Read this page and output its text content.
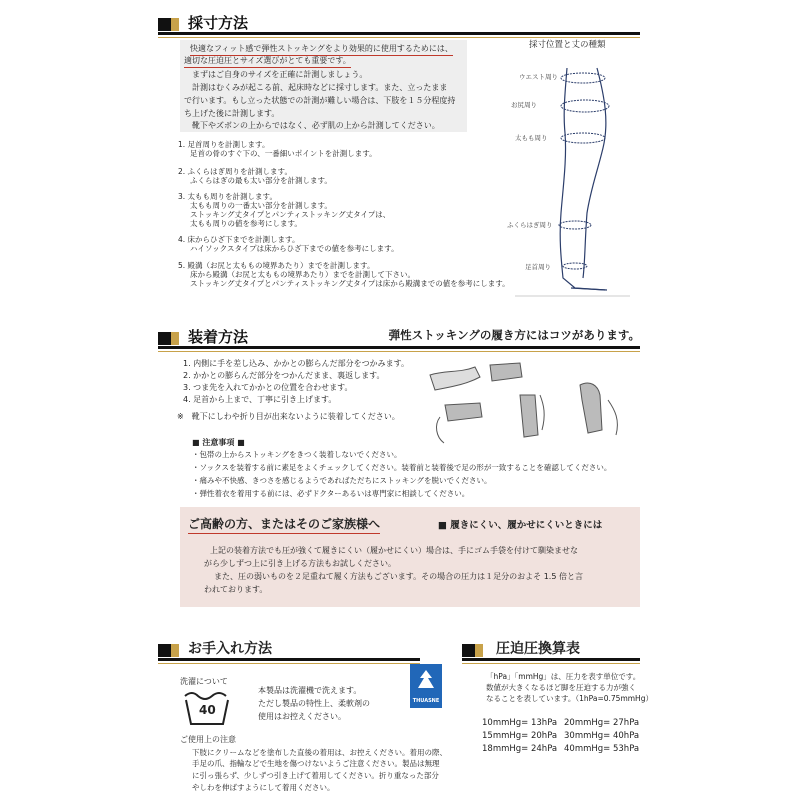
採寸方法
快適なフィット感で弾性ストッキングをより効果的に使用するためには、
適切な圧迫圧とサイズ選びがとても重要です。
まずはご自身のサイズを正確に計測しましょう。
計測はむくみが起こる前、起床時などに採寸します。また、立ったまま
で行います。もし立った状態での計測が難しい場合は、下肢を１５分程度持
ち上げた後に計測します。
靴下やズボンの上からではなく、必ず肌の上から計測してください。
1. 足首周りを計測します。
足首の骨のすぐ下の、一番細いポイントを計測します。
2. ふくらはぎ周りを計測します。
ふくらはぎの最も太い部分を計測します。
3. 太もも周りを計測します。
太もも周りの一番太い部分を計測します。
ストッキング丈タイプとパンティストッキング丈タイプは、
太もも周りの値を参考にします。
4. 床からひざ下までを計測します。
ハイソックスタイプは床からひざ下までの値を参考にします。
5. 殿溝（お尻と太ももの境界あたり）までを計測します。
床から殿溝（お尻と太ももの境界あたり）までを計測して下さい。
ストッキング丈タイプとパンティストッキング丈タイプは床から殿溝までの値を参考にします。
採寸位置と丈の種類
ウエスト周り
お尻周り
太もも周り
ふくらはぎ周り
足首周り
装着方法	弾性ストッキングの履き方にはコツがあります。
1. 内側に手を差し込み、かかとの膨らんだ部分をつかみます。
2. かかとの膨らんだ部分をつかんだまま、裏返します。
3. つま先を入れてかかとの位置を合わせます。
4. 足首から上まで、丁寧に引き上げます。
※　靴下にしわや折り目が出来ないように装着してください。
■ 注意事項 ■
・包帯の上からストッキングをきつく装着しないでください。
・ソックスを装着する前に素足をよくチェックしてください。装着前と装着後で足の形が一致することを確認してください。
・痛みや不快感、きつさを感じるようであればただちにストッキングを脱いでください。
・弾性着衣を着用する前には、必ずドクターあるいは専門家に相談してください。
ご高齢の方、またはそのご家族様へ	■ 履きにくい、履かせにくいときには
上記の装着方法でも圧が強くて履きにくい（履かせにくい）場合は、手にゴム手袋を付けて馴染ませな
がら少しずつ上に引き上げる方法もお試しください。
また、圧の弱いものを２足重ねて履く方法もございます。その場合の圧力は１足分のおよそ 1.5 倍と言
われております。
お手入れ方法
洗濯について
40
本製品は洗濯機で洗えます。
ただし製品の特性上、柔軟剤の
使用はお控えください。
THUASNE
ご使用上の注意
下肢にクリームなどを塗布した直後の着用は、お控えください。着用の際、
手足の爪、指輪などで生地を傷つけないようご注意ください。製品は無理
に引っ張らず、少しずつ引き上げて着用してください。折り重なった部分
やしわを伸ばすようにして着用ください。
圧迫圧換算表
「hPa」「mmHg」は、圧力を表す単位です。
数値が大きくなるほど脚を圧迫する力が強く
なることを表しています。（1hPa=0.75mmHg）
10mmHg= 13hPa 20mmHg= 27hPa
15mmHg= 20hPa 30mmHg= 40hPa
18mmHg= 24hPa 40mmHg= 53hPa
